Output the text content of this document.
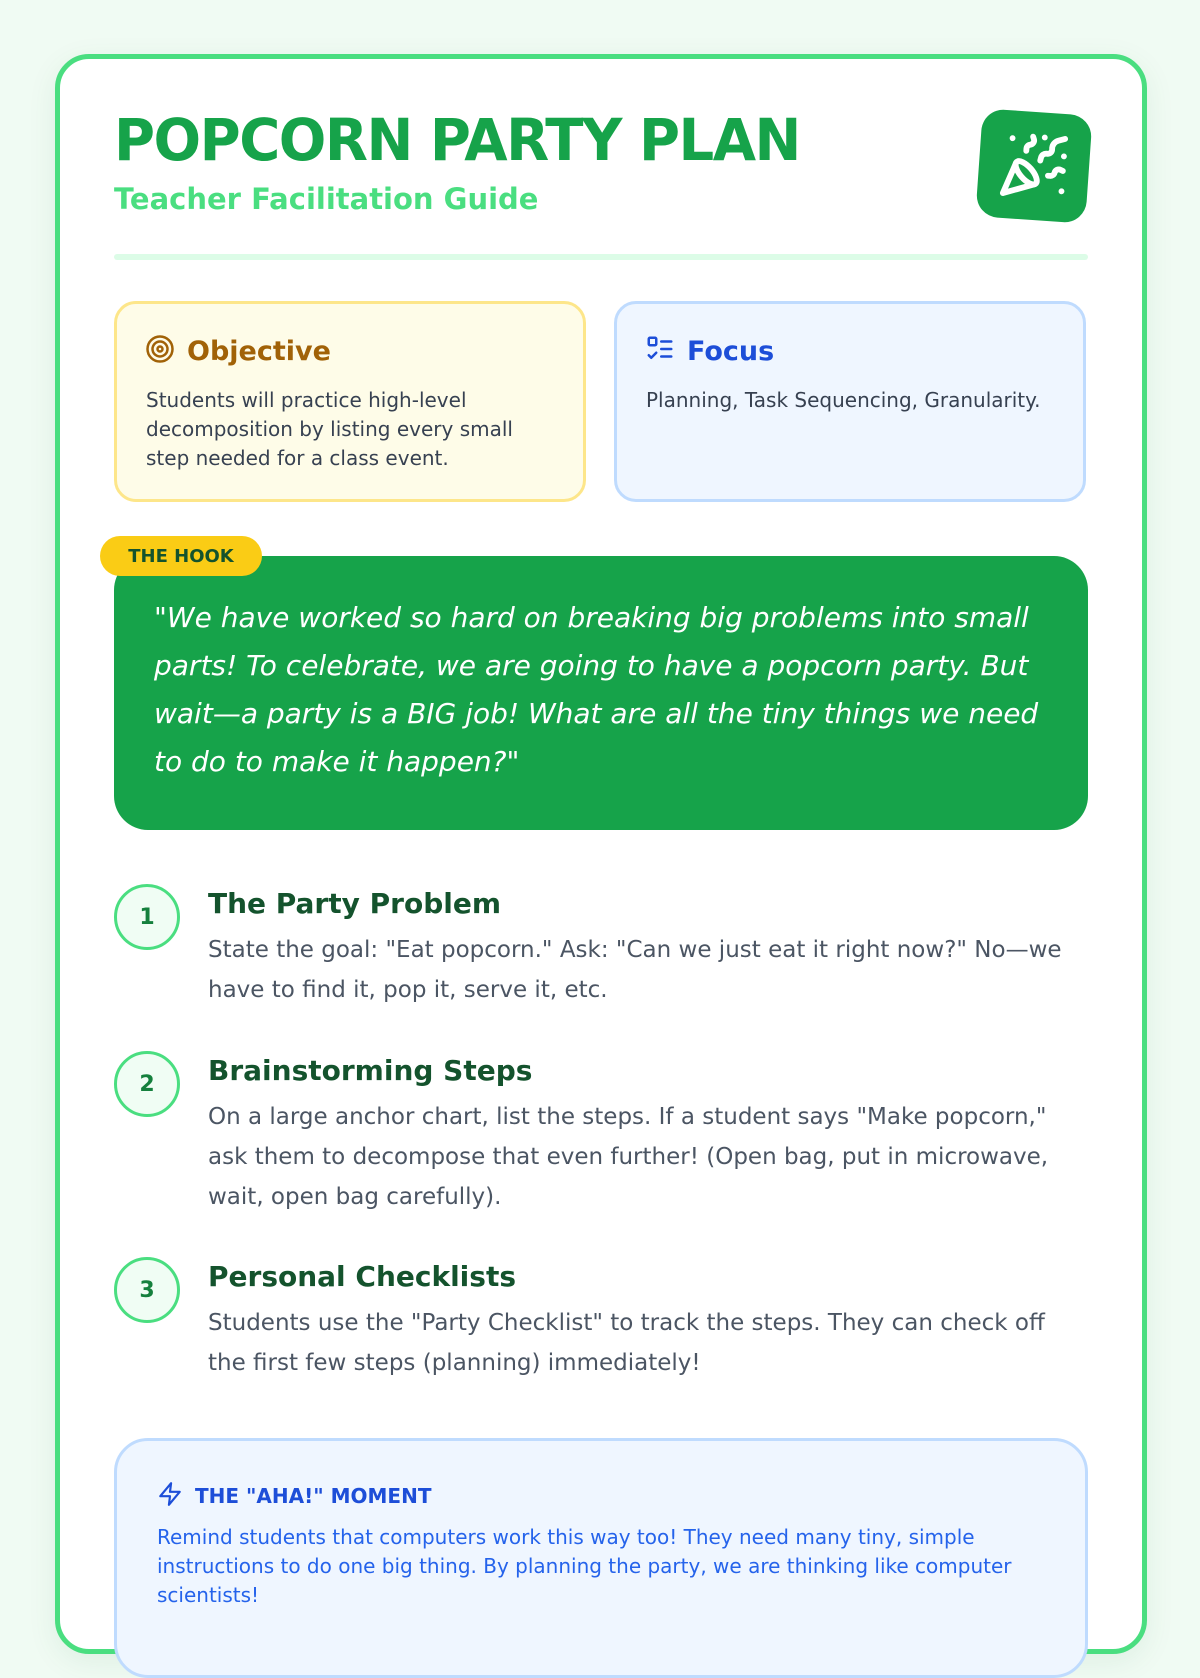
POPCORN PARTY PLAN
Teacher Facilitation Guide
Objective
Students will practice high-level decomposition by listing every small step needed for a class event.
Focus
Planning, Task Sequencing, Granularity.
THE HOOK
"We have worked so hard on breaking big problems into small parts! To celebrate, we are going to have a popcorn party. But wait—a party is a BIG job! What are all the tiny things we need to do to make it happen?"
1	The Party Problem
State the goal: "Eat popcorn." Ask: "Can we just eat it right now?" No—we have to find it, pop it, serve it, etc.
2	Brainstorming Steps
On a large anchor chart, list the steps. If a student says "Make popcorn," ask them to decompose that even further! (Open bag, put in microwave, wait, open bag carefully).
3	Personal Checklists
Students use the "Party Checklist" to track the steps. They can check off the first few steps (planning) immediately!
THE "AHA!" MOMENT
Remind students that computers work this way too! They need many tiny, simple instructions to do one big thing. By planning the party, we are thinking like computer scientists!
